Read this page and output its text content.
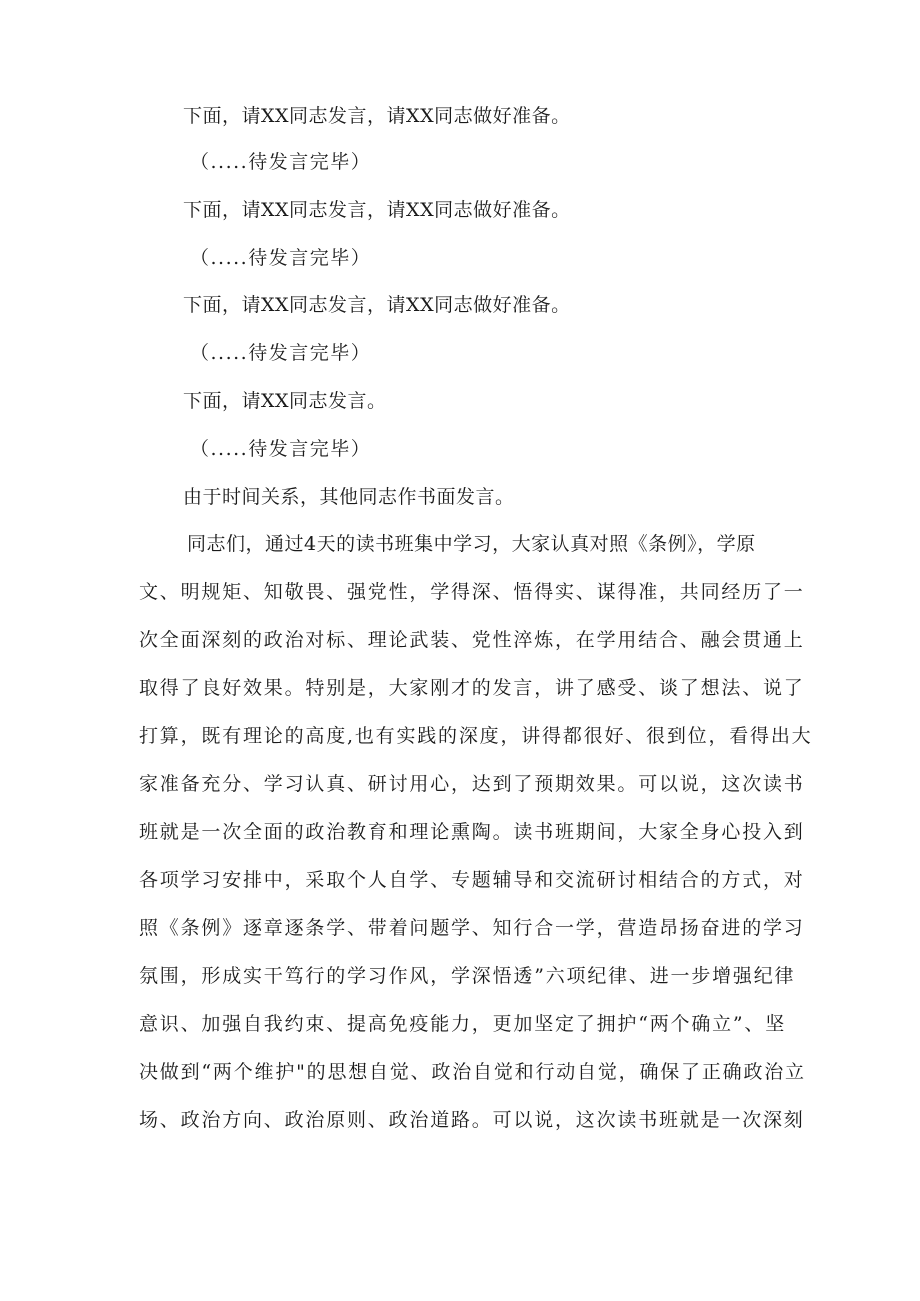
下面，请XX同志发言，请XX同志做好准备。
（.....待发言完毕）
下面，请XX同志发言，请XX同志做好准备。
（.....待发言完毕）
下面，请XX同志发言，请XX同志做好准备。
（.....待发言完毕）
下面，请XX同志发言。
（.....待发言完毕）
由于时间关系，其他同志作书面发言。
同志们，通过4天的读书班集中学习，大家认真对照《条例》，学原
文、明规矩、知敬畏、强党性，学得深、悟得实、谋得准，共同经历了一
次全面深刻的政治对标、理论武装、党性淬炼，在学用结合、融会贯通上
取得了良好效果。特别是，大家刚才的发言，讲了感受、谈了想法、说了
打算，既有理论的高度,也有实践的深度，讲得都很好、很到位，看得出大
家准备充分、学习认真、研讨用心，达到了预期效果。可以说，这次读书
班就是一次全面的政治教育和理论熏陶。读书班期间，大家全身心投入到
各项学习安排中，采取个人自学、专题辅导和交流研讨相结合的方式，对
照《条例》逐章逐条学、带着问题学、知行合一学，营造昂扬奋进的学习
氛围，形成实干笃行的学习作风，学深悟透”六项纪律、进一步增强纪律
意识、加强自我约束、提高免疫能力，更加坚定了拥护“两个确立”、坚
决做到“两个维护"的思想自觉、政治自觉和行动自觉，确保了正确政治立
场、政治方向、政治原则、政治道路。可以说，这次读书班就是一次深刻
